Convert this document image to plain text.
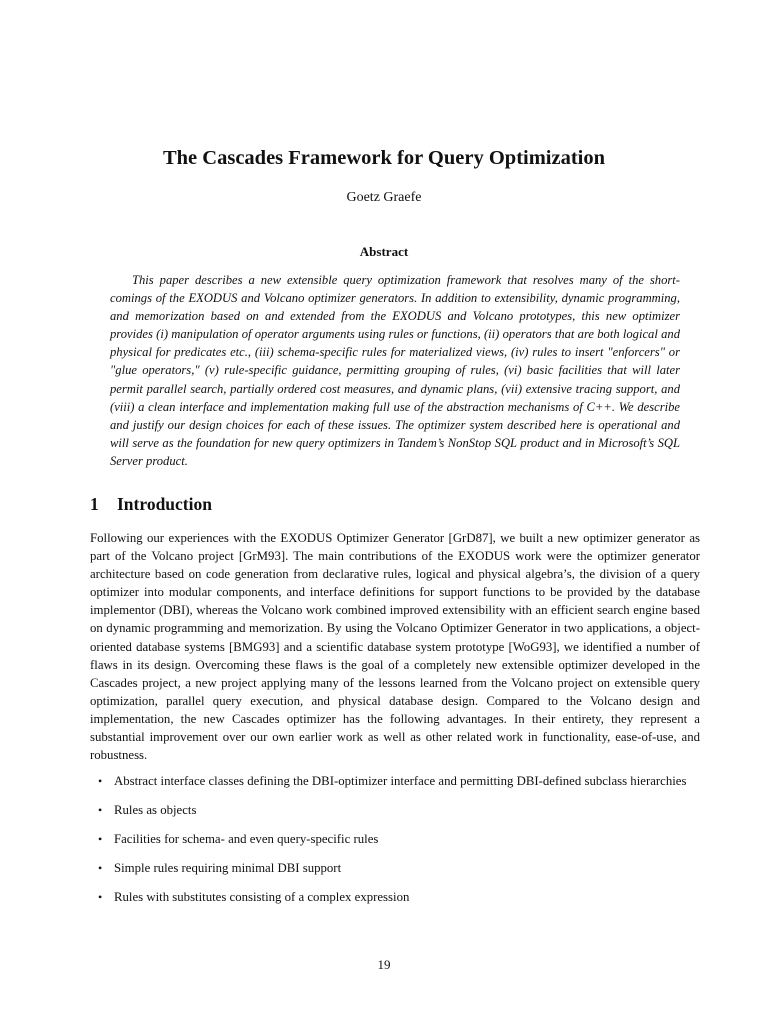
The Cascades Framework for Query Optimization
Goetz Graefe
Abstract

This paper describes a new extensible query optimization framework that resolves many of the short-comings of the EXODUS and Volcano optimizer generators. In addition to extensibility, dynamic programming, and memorization based on and extended from the EXODUS and Volcano prototypes, this new optimizer provides (i) manipulation of operator arguments using rules or functions, (ii) operators that are both logical and physical for predicates etc., (iii) schema-specific rules for materialized views, (iv) rules to insert "enforcers" or "glue operators," (v) rule-specific guidance, permitting grouping of rules, (vi) basic facilities that will later permit parallel search, partially ordered cost measures, and dynamic plans, (vii) extensive tracing support, and (viii) a clean interface and implementation making full use of the abstraction mechanisms of C++. We describe and justify our design choices for each of these issues. The optimizer system described here is operational and will serve as the foundation for new query optimizers in Tandem’s NonStop SQL product and in Microsoft’s SQL Server product.

1 Introduction

Following our experiences with the EXODUS Optimizer Generator [GrD87], we built a new optimizer generator as part of the Volcano project [GrM93]. The main contributions of the EXODUS work were the optimizer generator architecture based on code generation from declarative rules, logical and physical algebra’s, the division of a query optimizer into modular components, and interface definitions for support functions to be provided by the database implementor (DBI), whereas the Volcano work combined improved extensibility with an efficient search engine based on dynamic programming and memorization. By using the Volcano Optimizer Generator in two applications, a object-oriented database systems [BMG93] and a scientific database system prototype [WoG93], we identified a number of flaws in its design. Overcoming these flaws is the goal of a completely new extensible optimizer developed in the Cascades project, a new project applying many of the lessons learned from the Volcano project on extensible query optimization, parallel query execution, and physical database design. Compared to the Volcano design and implementation, the new Cascades optimizer has the following advantages. In their entirety, they represent a substantial improvement over our own earlier work as well as other related work in functionality, ease-of-use, and robustness.

• Abstract interface classes defining the DBI-optimizer interface and permitting DBI-defined subclass hierarchies
• Rules as objects
• Facilities for schema- and even query-specific rules
• Simple rules requiring minimal DBI support
• Rules with substitutes consisting of a complex expression
19
